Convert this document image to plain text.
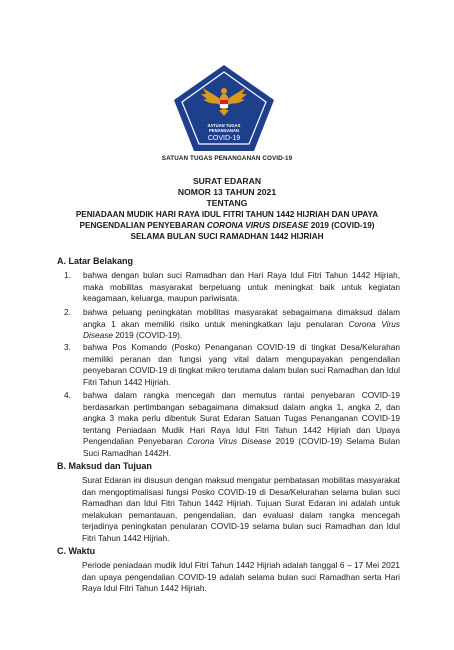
SATUAN TUGAS
PENANGANAN
COVID-19
SATUAN TUGAS PENANGANAN COVID-19
SURAT EDARAN
NOMOR 13 TAHUN 2021
TENTANG
PENIADAAN MUDIK HARI RAYA IDUL FITRI TAHUN 1442 HIJRIAH DAN UPAYA
PENGENDALIAN PENYEBARAN CORONA VIRUS DISEASE 2019 (COVID-19)
SELAMA BULAN SUCI RAMADHAN 1442 HIJRIAH
A. Latar Belakang
1. bahwa dengan bulan suci Ramadhan dan Hari Raya Idul Fitri Tahun 1442 Hijriah, maka mobilitas masyarakat berpeluang untuk meningkat baik untuk kegiatan keagamaan, keluarga, maupun pariwisata.
2. bahwa peluang peningkatan mobilitas masyarakat sebagaimana dimaksud dalam angka 1 akan memiliki risiko untuk meningkatkan laju penularan Corona Virus Disease 2019 (COVID-19).
3. bahwa Pos Komando (Posko) Penanganan COVID-19 di tingkat Desa/Kelurahan memiliki peranan dan fungsi yang vital dalam mengupayakan pengendalian penyebaran COVID-19 di tingkat mikro terutama dalam bulan suci Ramadhan dan Idul Fitri Tahun 1442 Hijriah.
4. bahwa dalam rangka mencegah dan memutus rantai penyebaran COVID-19 berdasarkan pertimbangan sebagaimana dimaksud dalam angka 1, angka 2, dan angka 3 maka perlu dibentuk Surat Edaran Satuan Tugas Penanganan COVID-19 tentang Peniadaan Mudik Hari Raya Idul Fitri Tahun 1442 Hijriah dan Upaya Pengendalian Penyebaran Corona Virus Disease 2019 (COVID-19) Selama Bulan Suci Ramadhan 1442H.
B. Maksud dan Tujuan
Surat Edaran ini disusun dengan maksud mengatur pembatasan mobilitas masyarakat dan mengoptimalisasi fungsi Posko COVID-19 di Desa/Kelurahan selama bulan suci Ramadhan dan Idul Fitri Tahun 1442 Hijriah. Tujuan Surat Edaran ini adalah untuk melakukan pemantauan, pengendalian, dan evaluasi dalam rangka mencegah terjadinya peningkatan penularan COVID-19 selama bulan suci Ramadhan dan Idul Fitri Tahun 1442 Hijriah.
C. Waktu
Periode peniadaan mudik Idul Fitri Tahun 1442 Hijriah adalah tanggal 6 – 17 Mei 2021 dan upaya pengendalian COVID-19 adalah selama bulan suci Ramadhan serta Hari Raya Idul Fitri Tahun 1442 Hijriah.
